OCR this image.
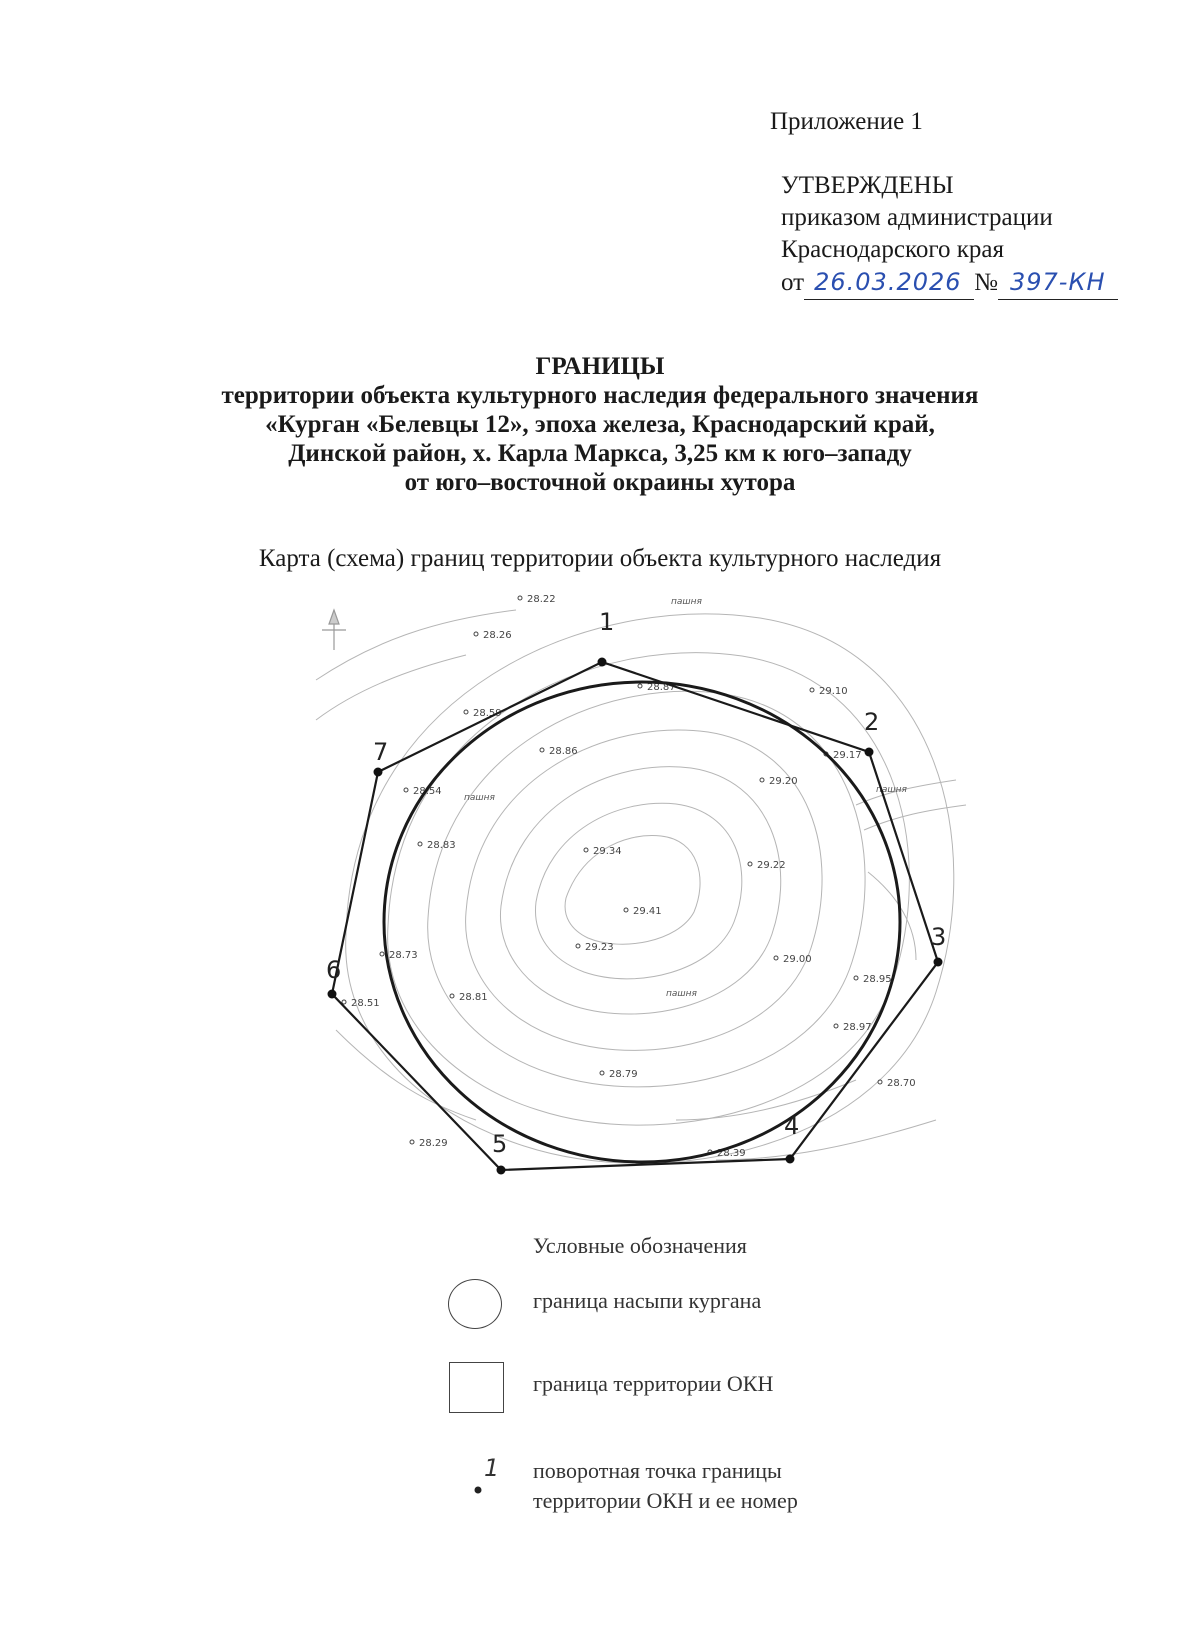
Приложение 1
УТВЕРЖДЕНЫ
приказом администрации
Краснодарского края
от 26.03.2026 № 397-КН
ГРАНИЦЫ
территории объекта культурного наследия федерального значения
«Курган «Белевцы 12», эпоха железа, Краснодарский край,
Динской район, х. Карла Маркса, 3,25 км к юго–западу
от юго–восточной окраины хутора
Карта (схема) границ территории объекта культурного наследия
28.26
28.87	29.10
28.59
29.17
28.86
29.20
28.54
28.83
29.34
29.22
29.41
29.23
29.00
28.73
28.81
28.97
28.51
28.79
28.70
28.29
28.39
28.22
28.95
пашня
пашня
пашня
пашня
1
2
3
4
5
6
7
Условные обозначения
граница насыпи кургана
граница территории ОКН
1 поворотная точка границы
территории ОКН и ее номер
